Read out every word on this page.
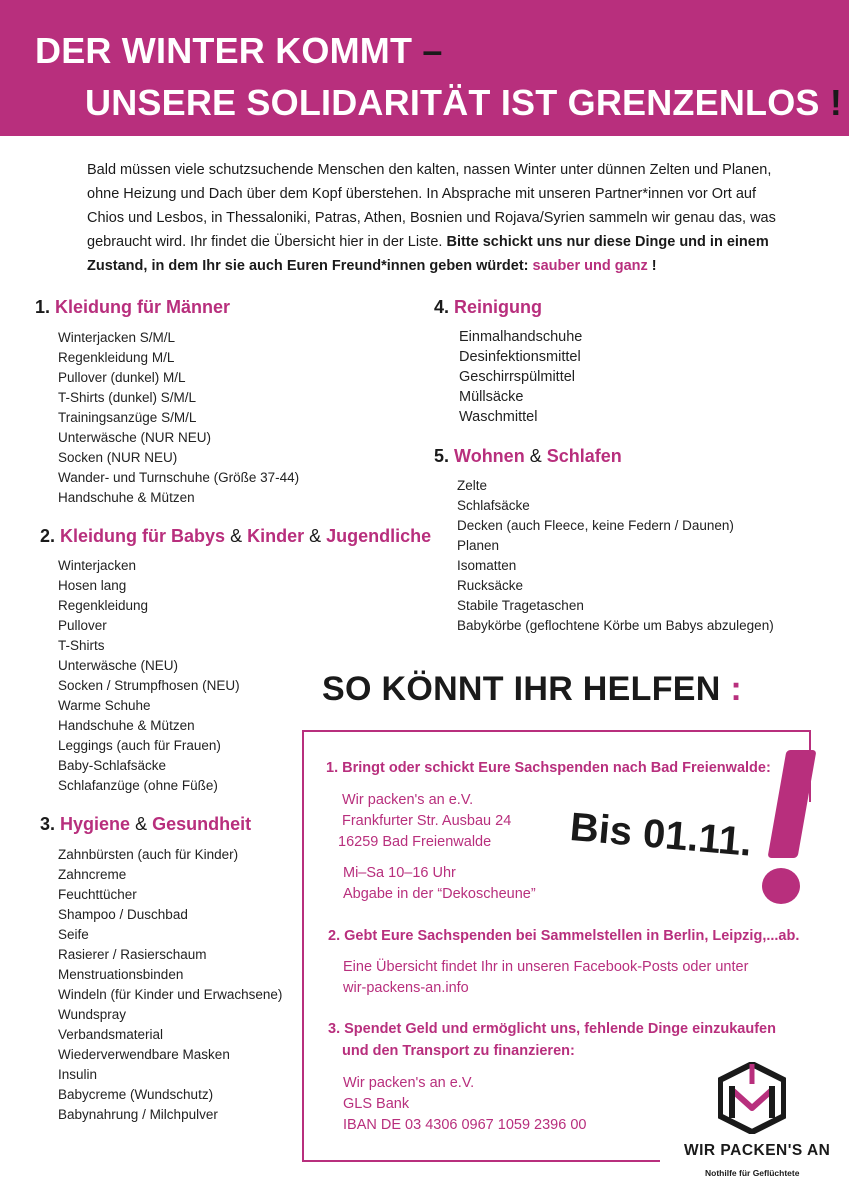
DER WINTER KOMMT –
UNSERE SOLIDARITÄT IST GRENZENLOS !
Bald müssen viele schutzsuchende Menschen den kalten, nassen Winter unter dünnen Zelten und Planen, ohne Heizung und Dach über dem Kopf überstehen. In Absprache mit unseren Partner*innen vor Ort auf Chios und Lesbos, in Thessaloniki, Patras, Athen, Bosnien und Rojava/Syrien sammeln wir genau das, was gebraucht wird. Ihr findet die Übersicht hier in der Liste. Bitte schickt uns nur diese Dinge und in einem Zustand, in dem Ihr sie auch Euren Freund*innen geben würdet: sauber und ganz !
1. Kleidung für Männer
Winterjacken S/M/L
Regenkleidung M/L
Pullover (dunkel) M/L
T-Shirts (dunkel) S/M/L
Trainingsanzüge S/M/L
Unterwäsche (NUR NEU)
Socken (NUR NEU)
Wander- und Turnschuhe (Größe 37-44)
Handschuhe & Mützen
2. Kleidung für Babys & Kinder & Jugendliche
Winterjacken
Hosen lang
Regenkleidung
Pullover
T-Shirts
Unterwäsche (NEU)
Socken / Strumpfhosen (NEU)
Warme Schuhe
Handschuhe & Mützen
Leggings (auch für Frauen)
Baby-Schlafsäcke
Schlafanzüge (ohne Füße)
3. Hygiene & Gesundheit
Zahnbürsten (auch für Kinder)
Zahncreme
Feuchttücher
Shampoo / Duschbad
Seife
Rasierer / Rasierschaum
Menstruationsbinden
Windeln (für Kinder und Erwachsene)
Wundspray
Verbandsmaterial
Wiederverwendbare Masken
Insulin
Babycreme (Wundschutz)
Babynahrung / Milchpulver
4. Reinigung
Einmalhandschuhe
Desinfektionsmittel
Geschirrspülmittel
Müllsäcke
Waschmittel
5. Wohnen & Schlafen
Zelte
Schlafsäcke
Decken (auch Fleece, keine Federn / Daunen)
Planen
Isomatten
Rucksäcke
Stabile Tragetaschen
Babykörbe (geflochtene Körbe um Babys abzulegen)
SO KÖNNT IHR HELFEN :
1. Bringt oder schickt Eure Sachspenden nach Bad Freienwalde:
Wir packen's an e.V.
Frankfurter Str. Ausbau 24
16259 Bad Freienwalde
Mi–Sa 10–16 Uhr
Abgabe in der “Dekoscheune”
2. Gebt Eure Sachspenden bei Sammelstellen in Berlin, Leipzig,...ab.
Eine Übersicht findet Ihr in unseren Facebook-Posts oder unter
wir-packens-an.info
3. Spendet Geld und ermöglicht uns, fehlende Dinge einzukaufen
und den Transport zu finanzieren:
Wir packen's an e.V.
GLS Bank
IBAN DE 03 4306 0967 1059 2396 00
Bis 01.11.
WIR PACKEN'S AN
Nothilfe für Geflüchtete
